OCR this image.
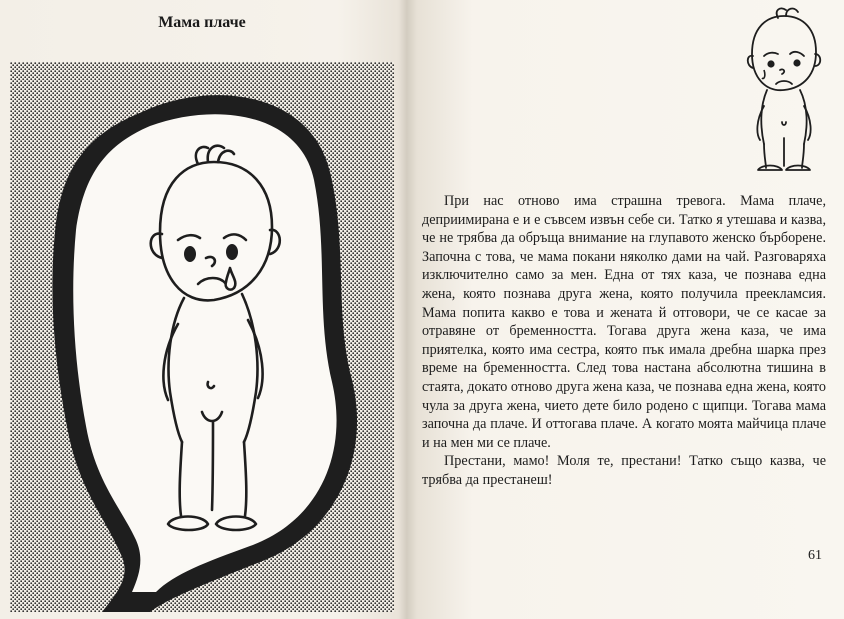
Мама плаче

При нас отново има страшна тревога. Мама плаче, деприимирана е и е съвсем извън себе си. Татко я утешава и казва, че не трябва да обръща внимание на глупавото женско бърборене. Започна с това, че мама покани няколко дами на чай. Разговаряха изключително само за мен. Една от тях каза, че познава една жена, която познава друга жена, която получила преекламсия. Мама попита какво е това и жената й отговори, че се касае за отравяне от бременността. Тогава друга жена каза, че има приятелка, която има сестра, която пък имала дребна шарка през време на бременността. След това настана абсолютна тишина в стаята, докато отново друга жена каза, че познава една жена, която чула за друга жена, чието дете било родено с щипци. Тогава мама започна да плаче. И оттогава плаче. А когато моята майчица плаче и на мен ми се плаче.

Престани, мамо! Моля те, престани! Татко също казва, че трябва да престанеш!

61
